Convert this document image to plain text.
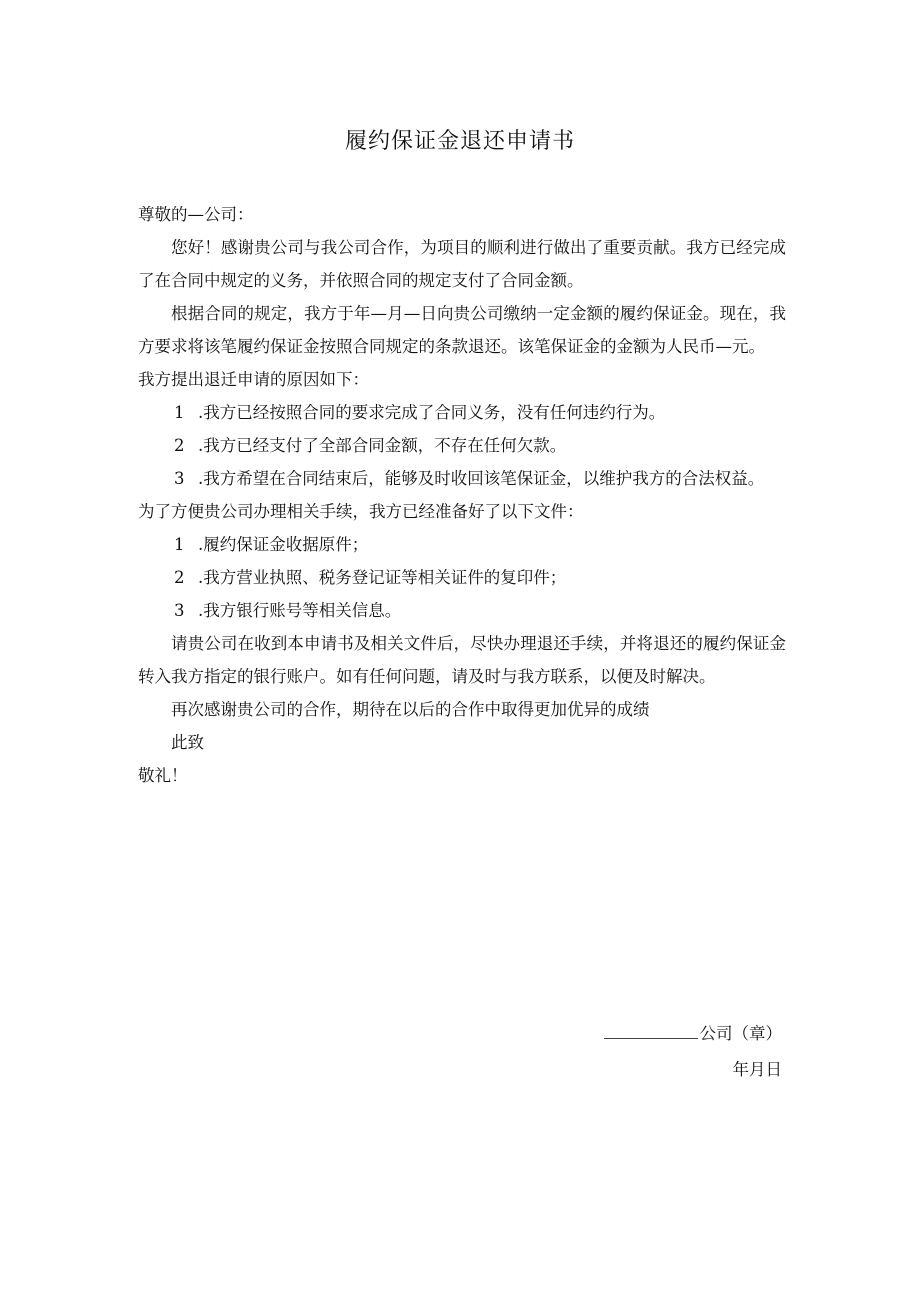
履约保证金退还申请书

尊敬的—公司：

您好！感谢贵公司与我公司合作，为项目的顺利进行做出了重要贡献。我方已经完成了在合同中规定的义务，并依照合同的规定支付了合同金额。

根据合同的规定，我方于年—月—日向贵公司缴纳一定金额的履约保证金。现在，我方要求将该笔履约保证金按照合同规定的条款退还。该笔保证金的金额为人民币—元。

我方提出退迁申请的原因如下：

1 .我方已经按照合同的要求完成了合同义务，没有任何违约行为。

2 .我方已经支付了全部合同金额，不存在任何欠款。

3 .我方希望在合同结束后，能够及时收回该笔保证金，以维护我方的合法权益。

为了方便贵公司办理相关手续，我方已经准备好了以下文件：

1 .履约保证金收据原件；

2 .我方营业执照、税务登记证等相关证件的复印件；

3 .我方银行账号等相关信息。

请贵公司在收到本申请书及相关文件后，尽快办理退还手续，并将退还的履约保证金转入我方指定的银行账户。如有任何问题，请及时与我方联系，以便及时解决。

再次感谢贵公司的合作，期待在以后的合作中取得更加优异的成绩

此致

敬礼！

公司（章）
年月日
